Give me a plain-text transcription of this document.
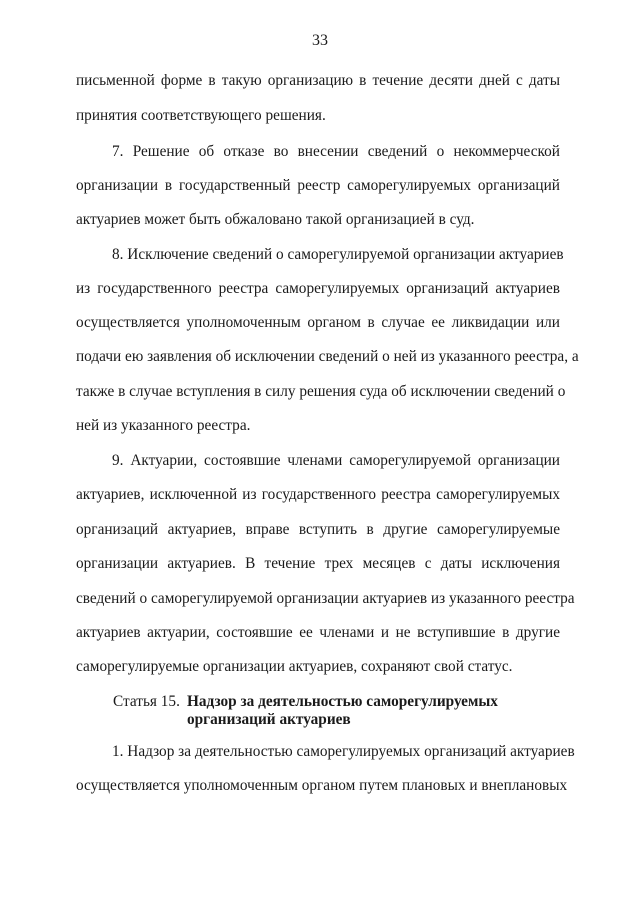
33
письменной форме в такую организацию в течение десяти дней с даты
принятия соответствующего решения.
7. Решение об отказе во внесении сведений о некоммерческой
организации в государственный реестр саморегулируемых организаций
актуариев может быть обжаловано такой организацией в суд.
8. Исключение сведений о саморегулируемой организации актуариев
из государственного реестра саморегулируемых организаций актуариев
осуществляется уполномоченным органом в случае ее ликвидации или
подачи ею заявления об исключении сведений о ней из указанного реестра, а
также в случае вступления в силу решения суда об исключении сведений о
ней из указанного реестра.
9. Актуарии, состоявшие членами саморегулируемой организации
актуариев, исключенной из государственного реестра саморегулируемых
организаций актуариев, вправе вступить в другие саморегулируемые
организации актуариев. В течение трех месяцев с даты исключения
сведений о саморегулируемой организации актуариев из указанного реестра
актуариев актуарии, состоявшие ее членами и не вступившие в другие
саморегулируемые организации актуариев, сохраняют свой статус.
1. Надзор за деятельностью саморегулируемых организаций актуариев
осуществляется уполномоченным органом путем плановых и внеплановых
Статья 15. Надзор за деятельностью саморегулируемых
организаций актуариев
